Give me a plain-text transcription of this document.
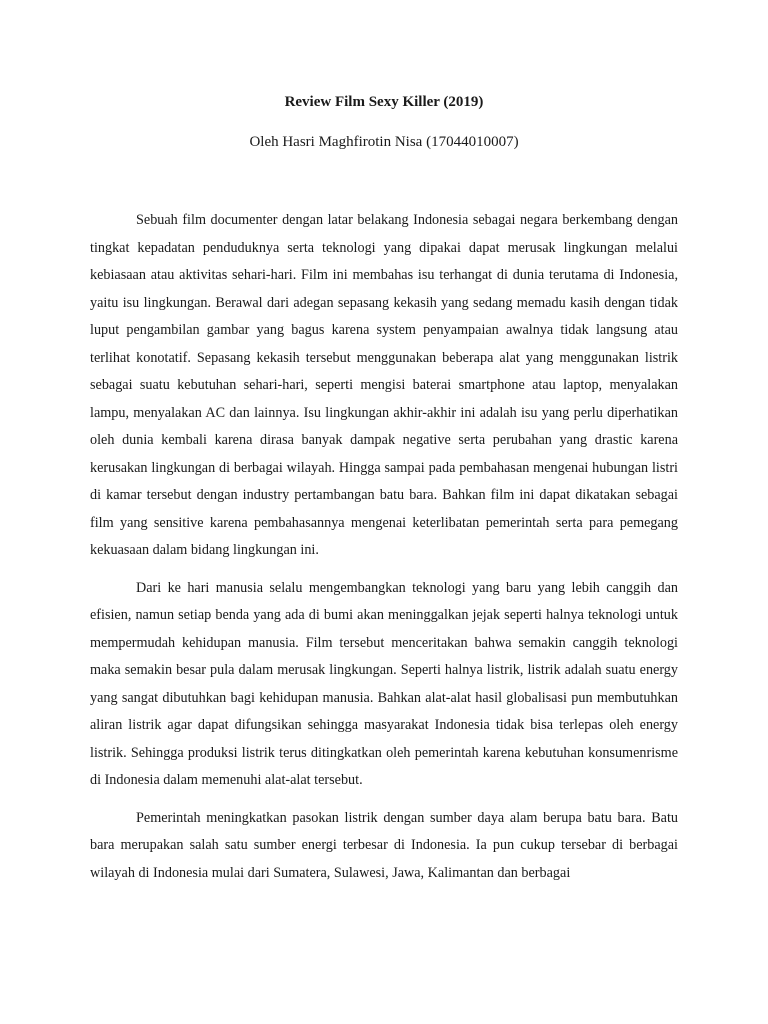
Review Film Sexy Killer (2019)
Oleh Hasri Maghfirotin Nisa (17044010007)

Sebuah film documenter dengan latar belakang Indonesia sebagai negara berkembang dengan tingkat kepadatan penduduknya serta teknologi yang dipakai dapat merusak lingkungan melalui kebiasaan atau aktivitas sehari-hari. Film ini membahas isu terhangat di dunia terutama di Indonesia, yaitu isu lingkungan. Berawal dari adegan sepasang kekasih yang sedang memadu kasih dengan tidak luput pengambilan gambar yang bagus karena system penyampaian awalnya tidak langsung atau terlihat konotatif. Sepasang kekasih tersebut menggunakan beberapa alat yang menggunakan listrik sebagai suatu kebutuhan sehari-hari, seperti mengisi baterai smartphone atau laptop, menyalakan lampu, menyalakan AC dan lainnya. Isu lingkungan akhir-akhir ini adalah isu yang perlu diperhatikan oleh dunia kembali karena dirasa banyak dampak negative serta perubahan yang drastic karena kerusakan lingkungan di berbagai wilayah. Hingga sampai pada pembahasan mengenai hubungan listri di kamar tersebut dengan industry pertambangan batu bara. Bahkan film ini dapat dikatakan sebagai film yang sensitive karena pembahasannya mengenai keterlibatan pemerintah serta para pemegang kekuasaan dalam bidang lingkungan ini.

Dari ke hari manusia selalu mengembangkan teknologi yang baru yang lebih canggih dan efisien, namun setiap benda yang ada di bumi akan meninggalkan jejak seperti halnya teknologi untuk mempermudah kehidupan manusia. Film tersebut menceritakan bahwa semakin canggih teknologi maka semakin besar pula dalam merusak lingkungan. Seperti halnya listrik, listrik adalah suatu energy yang sangat dibutuhkan bagi kehidupan manusia. Bahkan alat-alat hasil globalisasi pun membutuhkan aliran listrik agar dapat difungsikan sehingga masyarakat Indonesia tidak bisa terlepas oleh energy listrik. Sehingga produksi listrik terus ditingkatkan oleh pemerintah karena kebutuhan konsumenrisme di Indonesia dalam memenuhi alat-alat tersebut.

Pemerintah meningkatkan pasokan listrik dengan sumber daya alam berupa batu bara. Batu bara merupakan salah satu sumber energi terbesar di Indonesia. Ia pun cukup tersebar di berbagai wilayah di Indonesia mulai dari Sumatera, Sulawesi, Jawa, Kalimantan dan berbagai
